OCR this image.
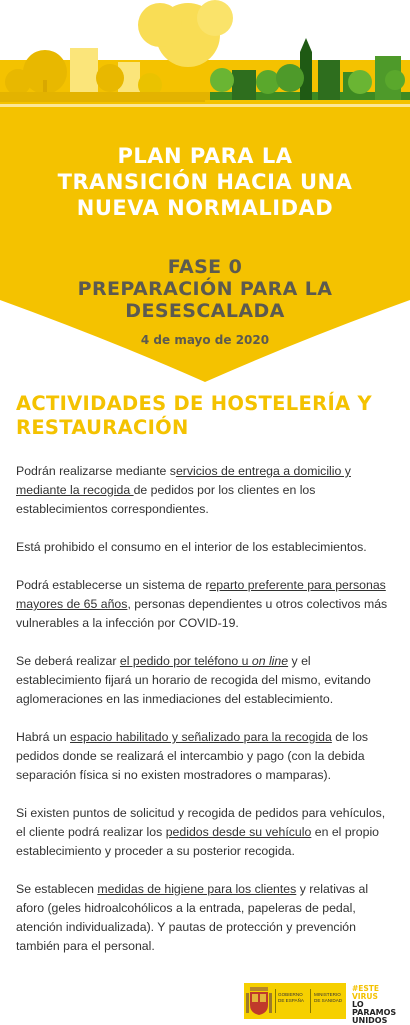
PLAN PARA LA
TRANSICIÓN HACIA UNA
NUEVA NORMALIDAD
FASE 0
PREPARACIÓN PARA LA
DESESCALADA
4 de mayo de 2020
ACTIVIDADES DE HOSTELERÍA Y
RESTAURACIÓN

Podrán realizarse mediante servicios de entrega a domicilio y mediante la recogida de pedidos por los clientes en los establecimientos correspondientes.

Está prohibido el consumo en el interior de los establecimientos.

Podrá establecerse un sistema de reparto preferente para personas mayores de 65 años, personas dependientes u otros colectivos más vulnerables a la infección por COVID-19.

Se deberá realizar el pedido por teléfono u on line y el establecimiento fijará un horario de recogida del mismo, evitando aglomeraciones en las inmediaciones del establecimiento.

Habrá un espacio habilitado y señalizado para la recogida de los pedidos donde se realizará el intercambio y pago (con la debida separación física si no existen mostradores o mamparas).

Si existen puntos de solicitud y recogida de pedidos para vehículos, el cliente podrá realizar los pedidos desde su vehículo en el propio establecimiento y proceder a su posterior recogida.

Se establecen medidas de higiene para los clientes y relativas al aforo (geles hidroalcohólicos a la entrada, papeleras de pedal, atención individualizada). Y pautas de protección y prevención también para el personal.

GOBIERNO
DE ESPAÑA
MINISTERIO
DE SANIDAD
#ESTE
VIRUS
LO
PARAMOS
UNIDOS
